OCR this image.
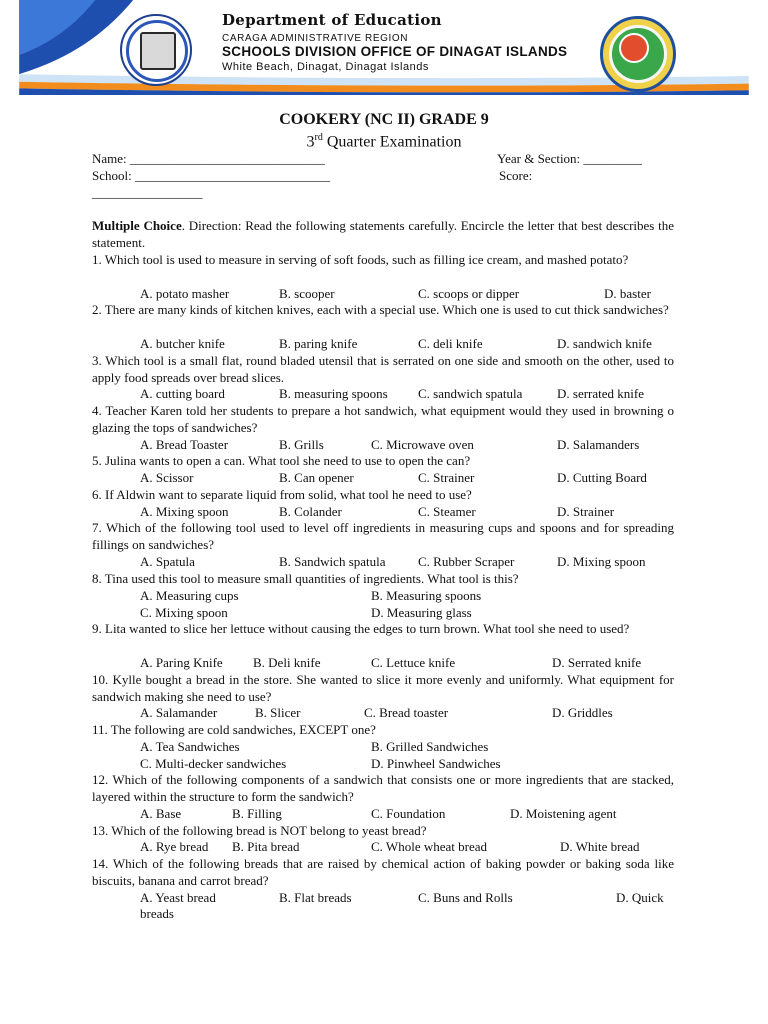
Department of Education
CARAGA ADMINISTRATIVE REGION
SCHOOLS DIVISION OFFICE OF DINAGAT ISLANDS
White Beach, Dinagat, Dinagat Islands
COOKERY (NC II) GRADE 9
3rd Quarter Examination
Name: ______________________________	Year & Section: _________
School: ______________________________	Score:
_________________
Multiple Choice. Direction: Read the following statements carefully. Encircle the letter that best describes the statement.
1. Which tool is used to measure in serving of soft foods, such as filling ice cream, and mashed potato?
A. potato masher	B. scooper	C. scoops or dipper	D. baster
2. There are many kinds of kitchen knives, each with a special use. Which one is used to cut thick sandwiches?
A. butcher knife	B. paring knife	C. deli knife	D. sandwich knife
3. Which tool is a small flat, round bladed utensil that is serrated on one side and smooth on the other, used to apply food spreads over bread slices.
A. cutting board	B. measuring spoons C. sandwich spatula	D. serrated knife
4. Teacher Karen told her students to prepare a hot sandwich, what equipment would they used in browning o glazing the tops of sandwiches?
A. Bread Toaster	B. Grills	C. Microwave oven	D. Salamanders
5. Julina wants to open a can. What tool she need to use to open the can?
A. Scissor	B. Can opener	C. Strainer	D. Cutting Board
6. If Aldwin want to separate liquid from solid, what tool he need to use?
A. Mixing spoon	B. Colander	C. Steamer	D. Strainer
7. Which of the following tool used to level off ingredients in measuring cups and spoons and for spreading fillings on sandwiches?
A. Spatula	B. Sandwich spatula C. Rubber Scraper	D. Mixing spoon
8. Tina used this tool to measure small quantities of ingredients. What tool is this?
A. Measuring cups	B. Measuring spoons
C. Mixing spoon	D. Measuring glass
9. Lita wanted to slice her lettuce without causing the edges to turn brown. What tool she need to used?
A. Paring Knife B. Deli knife	C. Lettuce knife	D. Serrated knife
10. Kylle bought a bread in the store. She wanted to slice it more evenly and uniformly. What equipment for sandwich making she need to use?
A. Salamander	B. Slicer	C. Bread toaster	D. Griddles
11. The following are cold sandwiches, EXCEPT one?
A. Tea Sandwiches	B. Grilled Sandwiches
C. Multi-decker sandwiches	D. Pinwheel Sandwiches
12. Which of the following components of a sandwich that consists one or more ingredients that are stacked, layered within the structure to form the sandwich?
A. Base	B. Filling	C. Foundation	D. Moistening agent
13. Which of the following bread is NOT belong to yeast bread?
A. Rye bread B. Pita bread	C. Whole wheat bread	D. White bread
14. Which of the following breads that are raised by chemical action of baking powder or baking soda like biscuits, banana and carrot bread?
A. Yeast bread	B. Flat breads	C. Buns and Rolls	D. Quick
breads
